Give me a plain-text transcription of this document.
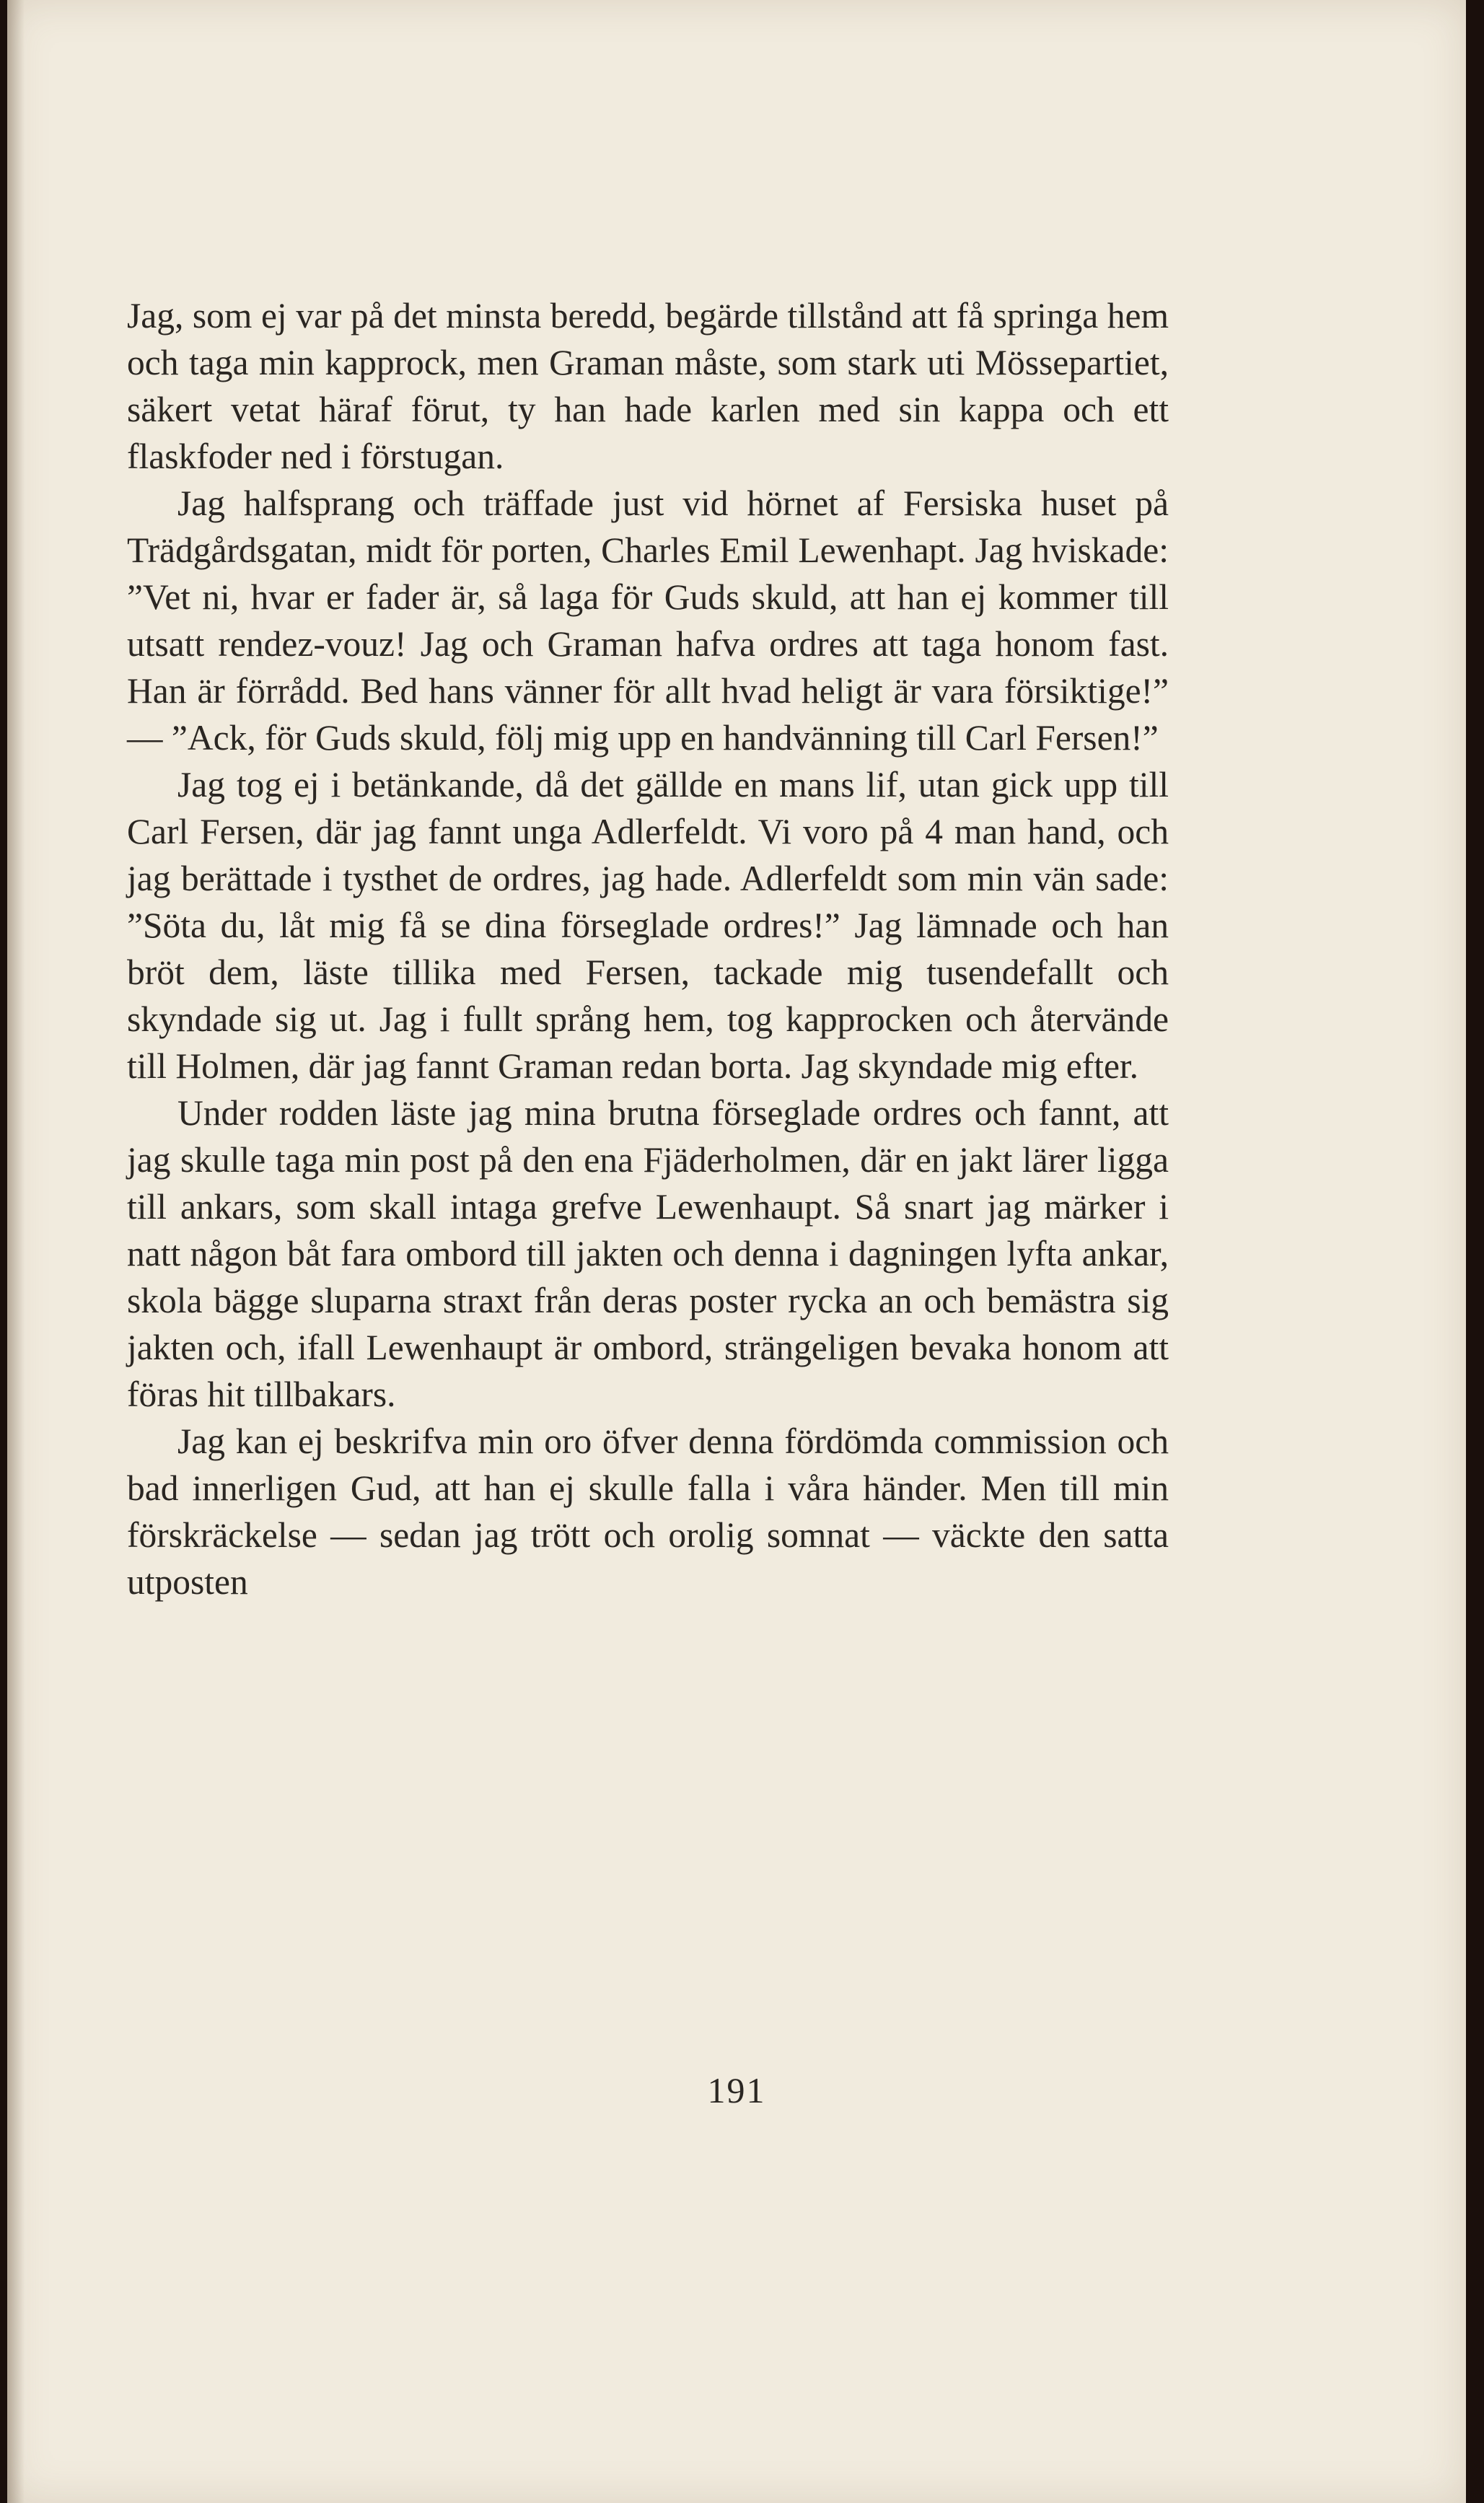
Jag, som ej var på det minsta beredd, begärde tillstånd att få springa hem och taga min kapprock, men Graman måste, som stark uti Mössepartiet, säkert vetat häraf förut, ty han hade karlen med sin kappa och ett flaskfoder ned i förstugan.

Jag halfsprang och träffade just vid hörnet af Fersiska huset på Trädgårdsgatan, midt för porten, Charles Emil Lewenhapt. Jag hviskade: ”Vet ni, hvar er fader är, så laga för Guds skuld, att han ej kommer till utsatt rendez-vouz! Jag och Graman hafva ordres att taga honom fast. Han är förrådd. Bed hans vänner för allt hvad heligt är vara försiktige!” — ”Ack, för Guds skuld, följ mig upp en handvänning till Carl Fersen!”

Jag tog ej i betänkande, då det gällde en mans lif, utan gick upp till Carl Fersen, där jag fannt unga Adlerfeldt. Vi voro på 4 man hand, och jag berättade i tysthet de ordres, jag hade. Adlerfeldt som min vän sade: ”Söta du, låt mig få se dina förseglade ordres!” Jag lämnade och han bröt dem, läste tillika med Fersen, tackade mig tusendefallt och skyndade sig ut. Jag i fullt språng hem, tog kapprocken och återvände till Holmen, där jag fannt Graman redan borta. Jag skyndade mig efter.

Under rodden läste jag mina brutna förseglade ordres och fannt, att jag skulle taga min post på den ena Fjäderholmen, där en jakt lärer ligga till ankars, som skall intaga grefve Lewenhaupt. Så snart jag märker i natt någon båt fara ombord till jakten och denna i dagningen lyfta ankar, skola bägge sluparna straxt från deras poster rycka an och bemästra sig jakten och, ifall Lewenhaupt är ombord, strängeligen bevaka honom att föras hit tillbakars.

Jag kan ej beskrifva min oro öfver denna fördömda commission och bad innerligen Gud, att han ej skulle falla i våra händer. Men till min förskräckelse — sedan jag trött och orolig somnat — väckte den satta utposten

191
